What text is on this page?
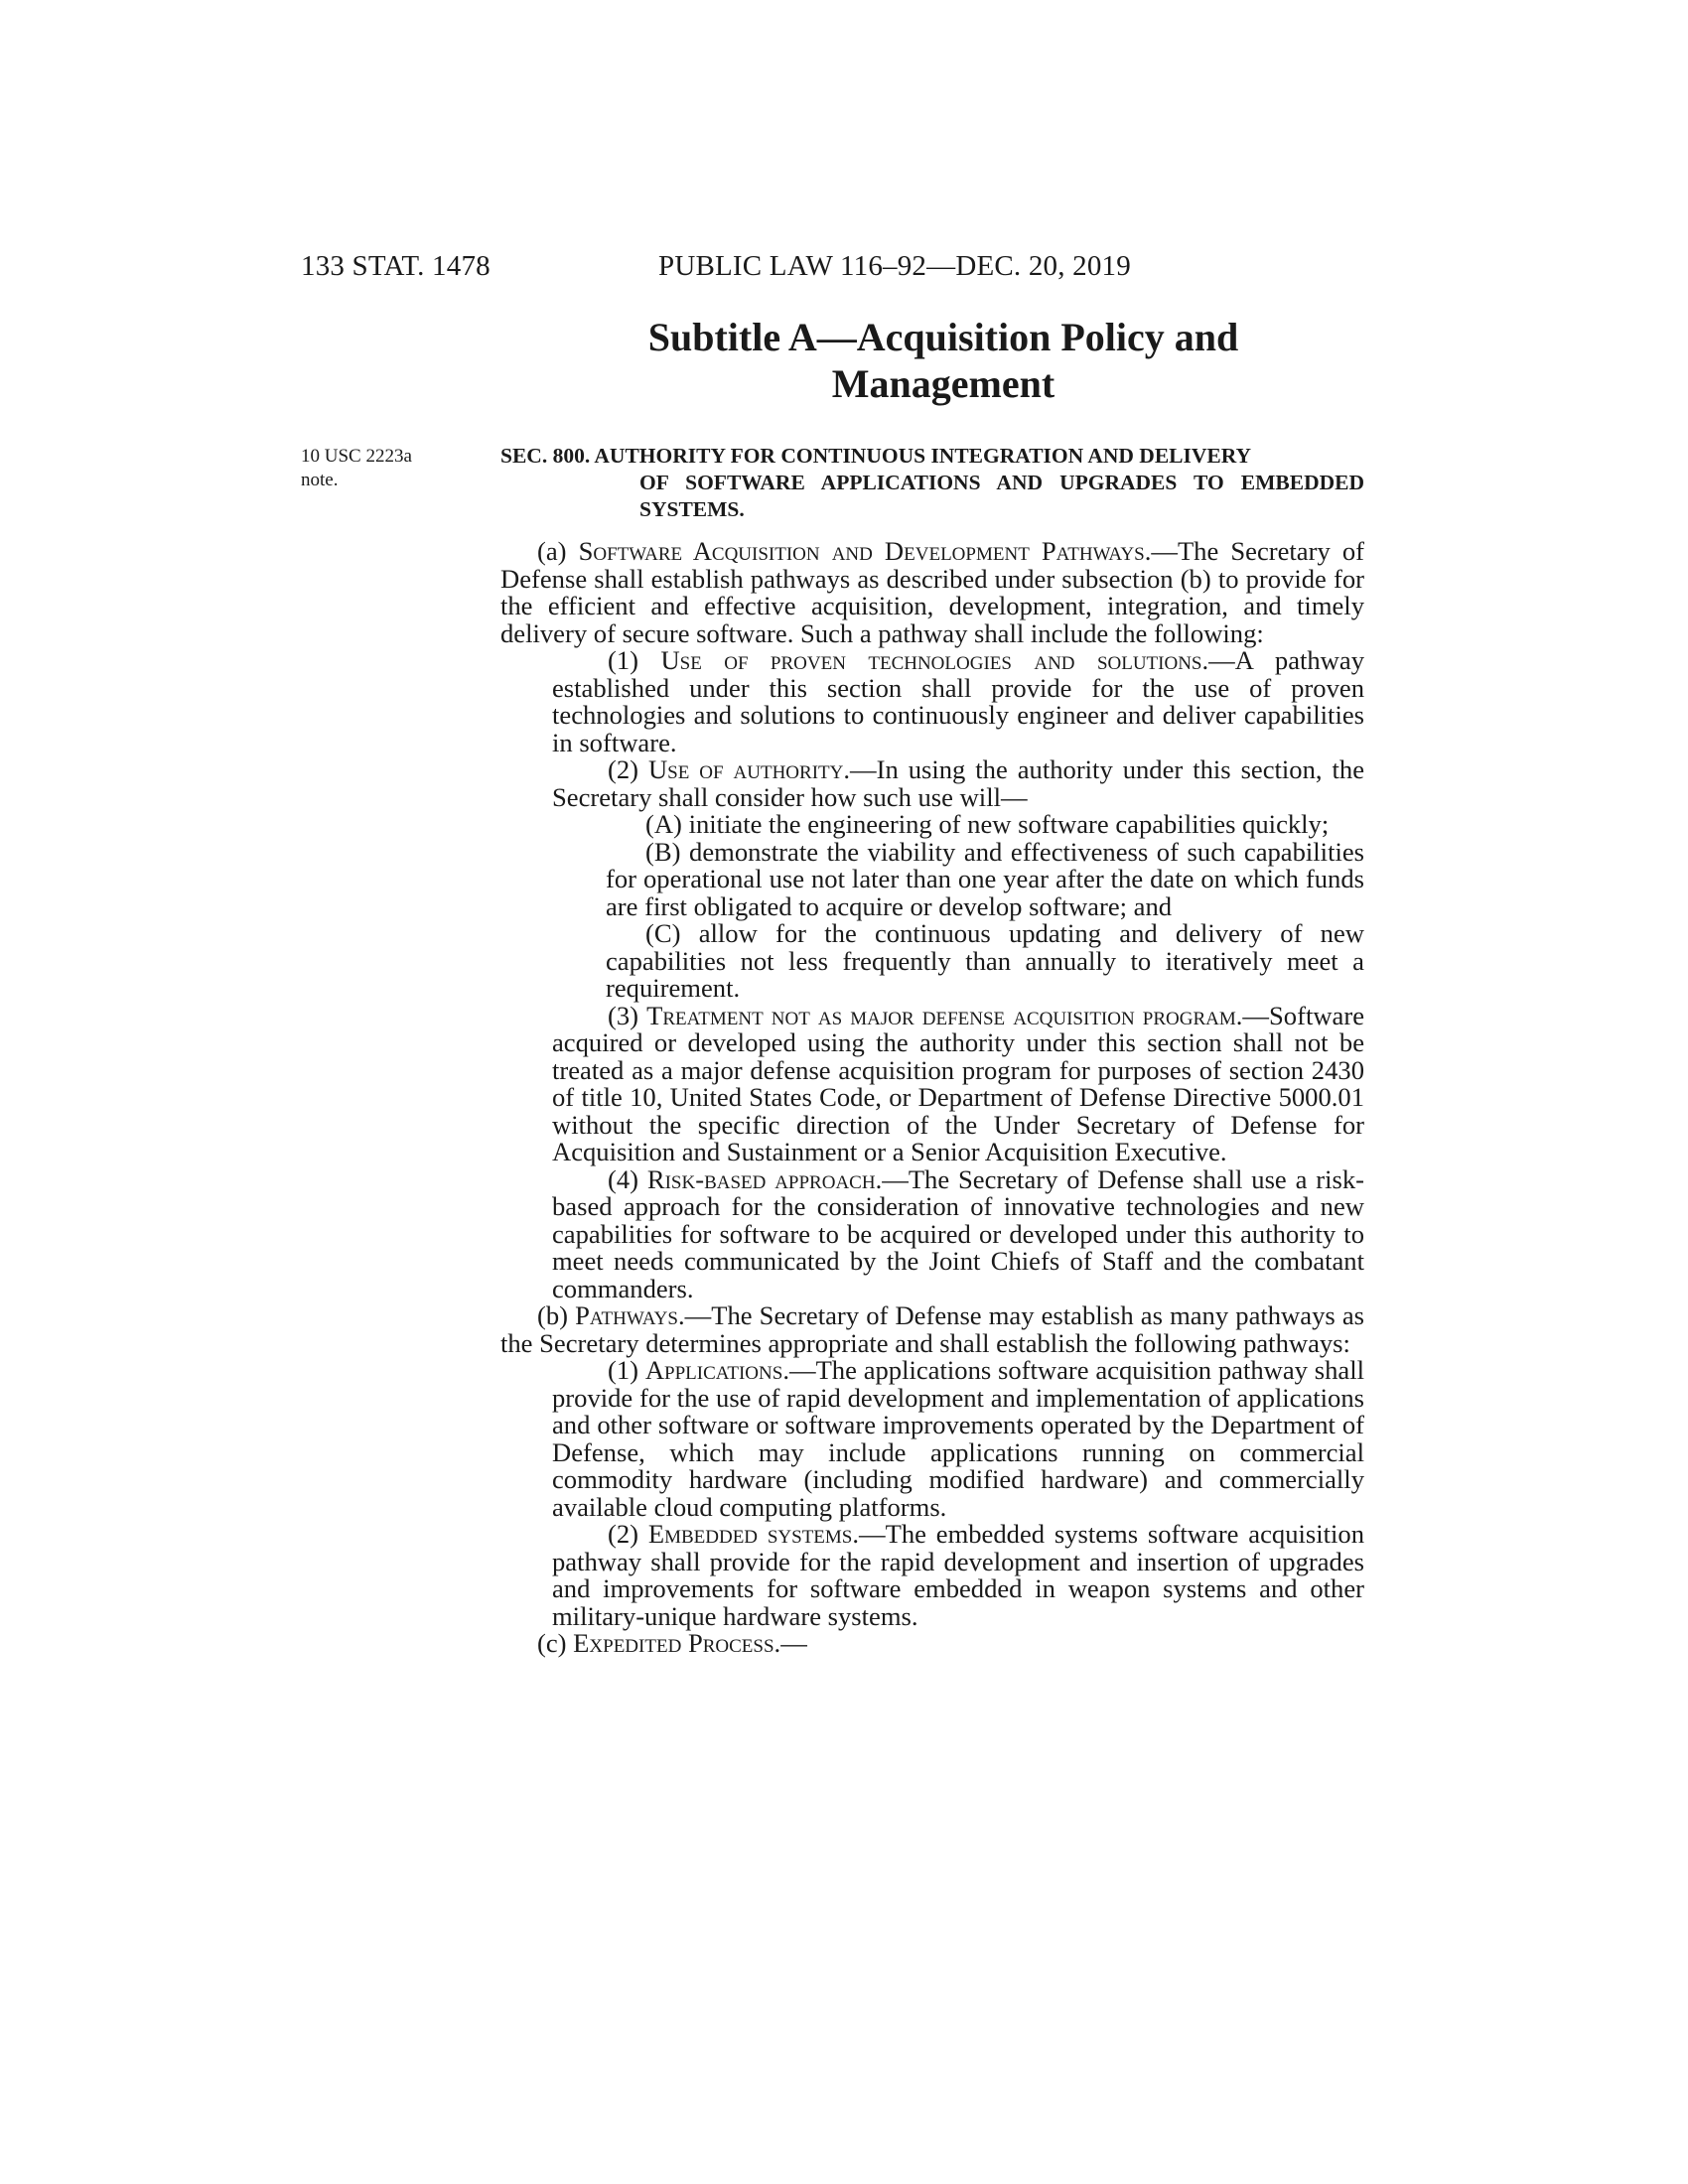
133 STAT. 1478	PUBLIC LAW 116–92—DEC. 20, 2019
Subtitle A—Acquisition Policy and
Management
10 USC 2223a
note.
SEC. 800. AUTHORITY FOR CONTINUOUS INTEGRATION AND DELIVERY
OF SOFTWARE APPLICATIONS AND UPGRADES TO EMBEDDED SYSTEMS.

(a) Software Acquisition and Development Pathways.—The Secretary of Defense shall establish pathways as described under subsection (b) to provide for the efficient and effective acquisition, development, integration, and timely delivery of secure software. Such a pathway shall include the following:

(1) Use of proven technologies and solutions.—A pathway established under this section shall provide for the use of proven technologies and solutions to continuously engineer and deliver capabilities in software.

(2) Use of authority.—In using the authority under this section, the Secretary shall consider how such use will—

(A) initiate the engineering of new software capabilities quickly;

(B) demonstrate the viability and effectiveness of such capabilities for operational use not later than one year after the date on which funds are first obligated to acquire or develop software; and

(C) allow for the continuous updating and delivery of new capabilities not less frequently than annually to iteratively meet a requirement.

(3) Treatment not as major defense acquisition program.—Software acquired or developed using the authority under this section shall not be treated as a major defense acquisition program for purposes of section 2430 of title 10, United States Code, or Department of Defense Directive 5000.01 without the specific direction of the Under Secretary of Defense for Acquisition and Sustainment or a Senior Acquisition Executive.

(4) Risk-based approach.—The Secretary of Defense shall use a risk-based approach for the consideration of innovative technologies and new capabilities for software to be acquired or developed under this authority to meet needs communicated by the Joint Chiefs of Staff and the combatant commanders.

(b) Pathways.—The Secretary of Defense may establish as many pathways as the Secretary determines appropriate and shall establish the following pathways:

(1) Applications.—The applications software acquisition pathway shall provide for the use of rapid development and implementation of applications and other software or software improvements operated by the Department of Defense, which may include applications running on commercial commodity hardware (including modified hardware) and commercially available cloud computing platforms.

(2) Embedded systems.—The embedded systems software acquisition pathway shall provide for the rapid development and insertion of upgrades and improvements for software embedded in weapon systems and other military-unique hardware systems.

(c) Expedited Process.—
